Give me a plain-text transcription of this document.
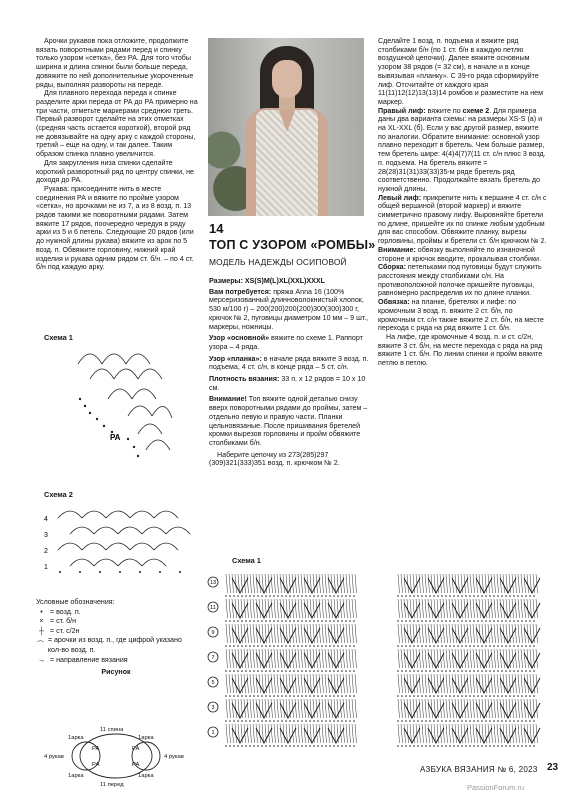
Арочки рукавов пока отложите, продолжите вязать поворотными рядами перед и спинку только узором «сетка», без РА. Для того чтобы ширина и длина спинки были больше переда, довяжите по ней дополнительные укороченные ряды, выполняя развороты на переде.

Для плавного перехода переда к спинке разделите арки переда от РА до РА примерно на три части, отметьте маркерами среднюю треть. Первый разворот сделайте на этих отметках (средняя часть остается короткой), второй ряд не довязывайте на одну арку с каждой стороны, третий – еще на одну, и так далее. Таким образом спинка плавно увеличится.

Для закругления низа спинки сделайте короткий разворотный ряд по центру спинки, не доходя до РА.

Рукава: присоедините нить в месте соединения РА и вяжите по пройме узором «сетка», но арочками не из 7, а из 8 возд. п. 13 рядов такими же поворотными рядами. Затем вяжите 17 рядов, поочередно чередуя в ряду арки из 5 и 6 петель. Следующие 20 рядов (или до нужной длины рукава) вяжите из арок по 5 возд. п. Обвяжите горловину, нижний край изделия и рукава одним рядом ст. б/н. – по 4 ст. б/н под каждую арку.

Схема 1
РА
Схема 2
4
3
2
1
Условные обозначения:
•	= возд. п.
× = ст. б/н
┼ = ст. с/2н
⁀
= арочки из возд. п., где цифрой указано кол-во возд. п.
→ = направление вязания
Рисунок
11 спина
1арка	1арка
4 рукав	4 рукав
РА	РА
РА	РА
1арка	1арка
11 перед
14
ТОП С УЗОРОМ «РОМБЫ»
МОДЕЛЬ НАДЕЖДЫ ОСИПОВОЙ
Размеры: XS(S)M(L)XL(XXL)XXXL
Вам потребуется: пряжа Anna 16 (100% мерсеризованный длинноволокнистый хлопок, 530 м/100 г) – 200(200)200(200)300(300)300 г, крючок № 2, пуговицы диаметром 10 мм – 9 шт., маркеры, ножницы.
Узор «основной» вяжите по схеме 1. Раппорт узора – 4 ряда.
Узор «планка»: в начале ряда вяжите 3 возд. п. подъема, 4 ст. с/н, в конце ряда – 5 ст. с/н.
Плотность вязания: 33 п. х 12 рядов = 10 х 10 см.
Внимание! Топ вяжите одной деталью снизу вверх поворотными рядами до проймы, затем – отдельно левую и правую части. Планки цельновязаные. После пришивания бретелей кромки вырезов горловины и пройм обвяжите столбиками б/н.
Наберите цепочку из 273(285)297 (309)321(333)351 возд. п. крючком № 2.
Сделайте 1 возд. п. подъема и вяжите ряд столбиками б/н (по 1 ст. б/н в каждую петлю воздушной цепочки). Далее вяжите основным узором 38 рядов (= 32 см), в начале и в конце вывязывая «планку». С 39-го ряда сформируйте лиф. Отсчитайте от каждого края 11(11)12(12)13(13)14 ромбов и разместите на нем маркер.
Правый лиф: вяжите по схеме 2. Для примера даны два варианта схемы: на размеры XS-S (а) и на XL-XXL (б). Если у вас другой размер, вяжите по аналогии. Обратите внимание: основной узор плавно переходит в бретель. Чем больше размер, тем бретель шире: 4(4)4(7)7(11 ст. с/н плюс 3 возд. п. подъема. На бретель вяжите = 28(28)31(31)33(33)35-м ряде бретель ряд соответственно. Продолжайте вязать бретель до нужной длины.
Левый лиф: прикрепите нить к вершине 4 ст. с/н с общей вершиной (второй маркер) и вяжите симметрично правому лифу. Выровняйте бретели по длине, пришейте их по спинке любым удобным для вас способом. Обвяжите планку, вырезы горловины, проймы и бретели ст. б/н крючком № 2.
Внимание: обвязку выполняйте по изнаночной стороне и крючок вводите, прокалывая столбики.
Сборка: петельками под пуговицы будут служить расстояния между столбиками с/н. На противоположной полочке пришейте пуговицы, равномерно распределив их по длине планки.
Обвязка: на планке, бретелях и лифе: по кромочным 3 возд. п. вяжите 2 ст. б/н, по кромочным ст. с/н также вяжите 2 ст. б/н, на месте перехода с ряда на ряд вяжите 1 ст. б/н.
На лифе, где кромочные 4 возд. п. и ст. с/2н, вяжите 3 ст. б/н, на месте перехода с ряда на ряд вяжите 1 ст. б/н. По линии спинки и пройм вяжите петлю в петлю.
Схема 1
13
11
9
7
5
3
1
АЗБУКА ВЯЗАНИЯ № 6, 2023 23
PassionForum.ru
